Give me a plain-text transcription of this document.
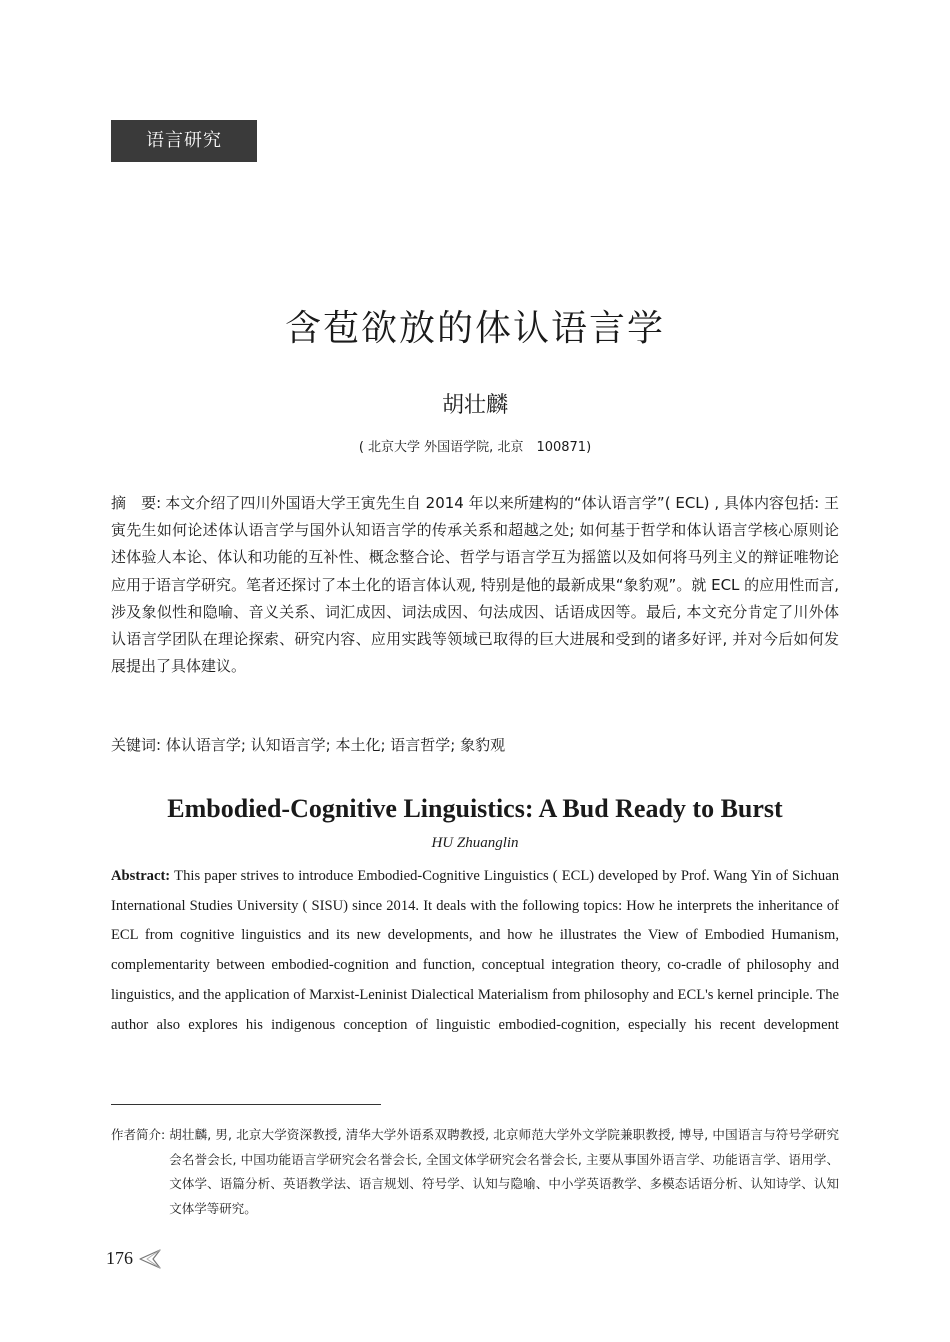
语言研究
含苞欲放的体认语言学
胡壮麟
( 北京大学 外国语学院, 北京　100871)
摘　要: 本文介绍了四川外国语大学王寅先生自 2014 年以来所建构的“体认语言学”( ECL) , 具体内容包括: 王寅先生如何论述体认语言学与国外认知语言学的传承关系和超越之处; 如何基于哲学和体认语言学核心原则论述体验人本论、体认和功能的互补性、概念整合论、哲学与语言学互为摇篮以及如何将马列主义的辩证唯物论应用于语言学研究。笔者还探讨了本土化的语言体认观, 特别是他的最新成果“象豹观”。就 ECL 的应用性而言, 涉及象似性和隐喻、音义关系、词汇成因、词法成因、句法成因、话语成因等。最后, 本文充分肯定了川外体认语言学团队在理论探索、研究内容、应用实践等领域已取得的巨大进展和受到的诸多好评, 并对今后如何发展提出了具体建议。
关键词: 体认语言学; 认知语言学; 本土化; 语言哲学; 象豹观
Embodied-Cognitive Linguistics: A Bud Ready to Burst
HU Zhuanglin
Abstract: This paper strives to introduce Embodied-Cognitive Linguistics ( ECL) developed by Prof. Wang Yin of Sichuan International Studies University ( SISU) since 2014. It deals with the following topics: How he interprets the inheritance of ECL from cognitive linguistics and its new developments, and how he illustrates the View of Embodied Humanism, complementarity between embodied-cognition and function, conceptual integration theory, co-cradle of philosophy and linguistics, and the application of Marxist-Leninist Dialectical Materialism from philosophy and ECL's kernel principle. The author also explores his indigenous conception of linguistic embodied-cognition, especially his recent development
作者简介: 胡壮麟, 男, 北京大学资深教授, 清华大学外语系双聘教授, 北京师范大学外文学院兼职教授, 博导, 中国语言与符号学研究会名誉会长, 中国功能语言学研究会名誉会长, 全国文体学研究会名誉会长, 主要从事国外语言学、功能语言学、语用学、文体学、语篇分析、英语教学法、语言规划、符号学、认知与隐喻、中小学英语教学、多模态话语分析、认知诗学、认知文体学等研究。
176
